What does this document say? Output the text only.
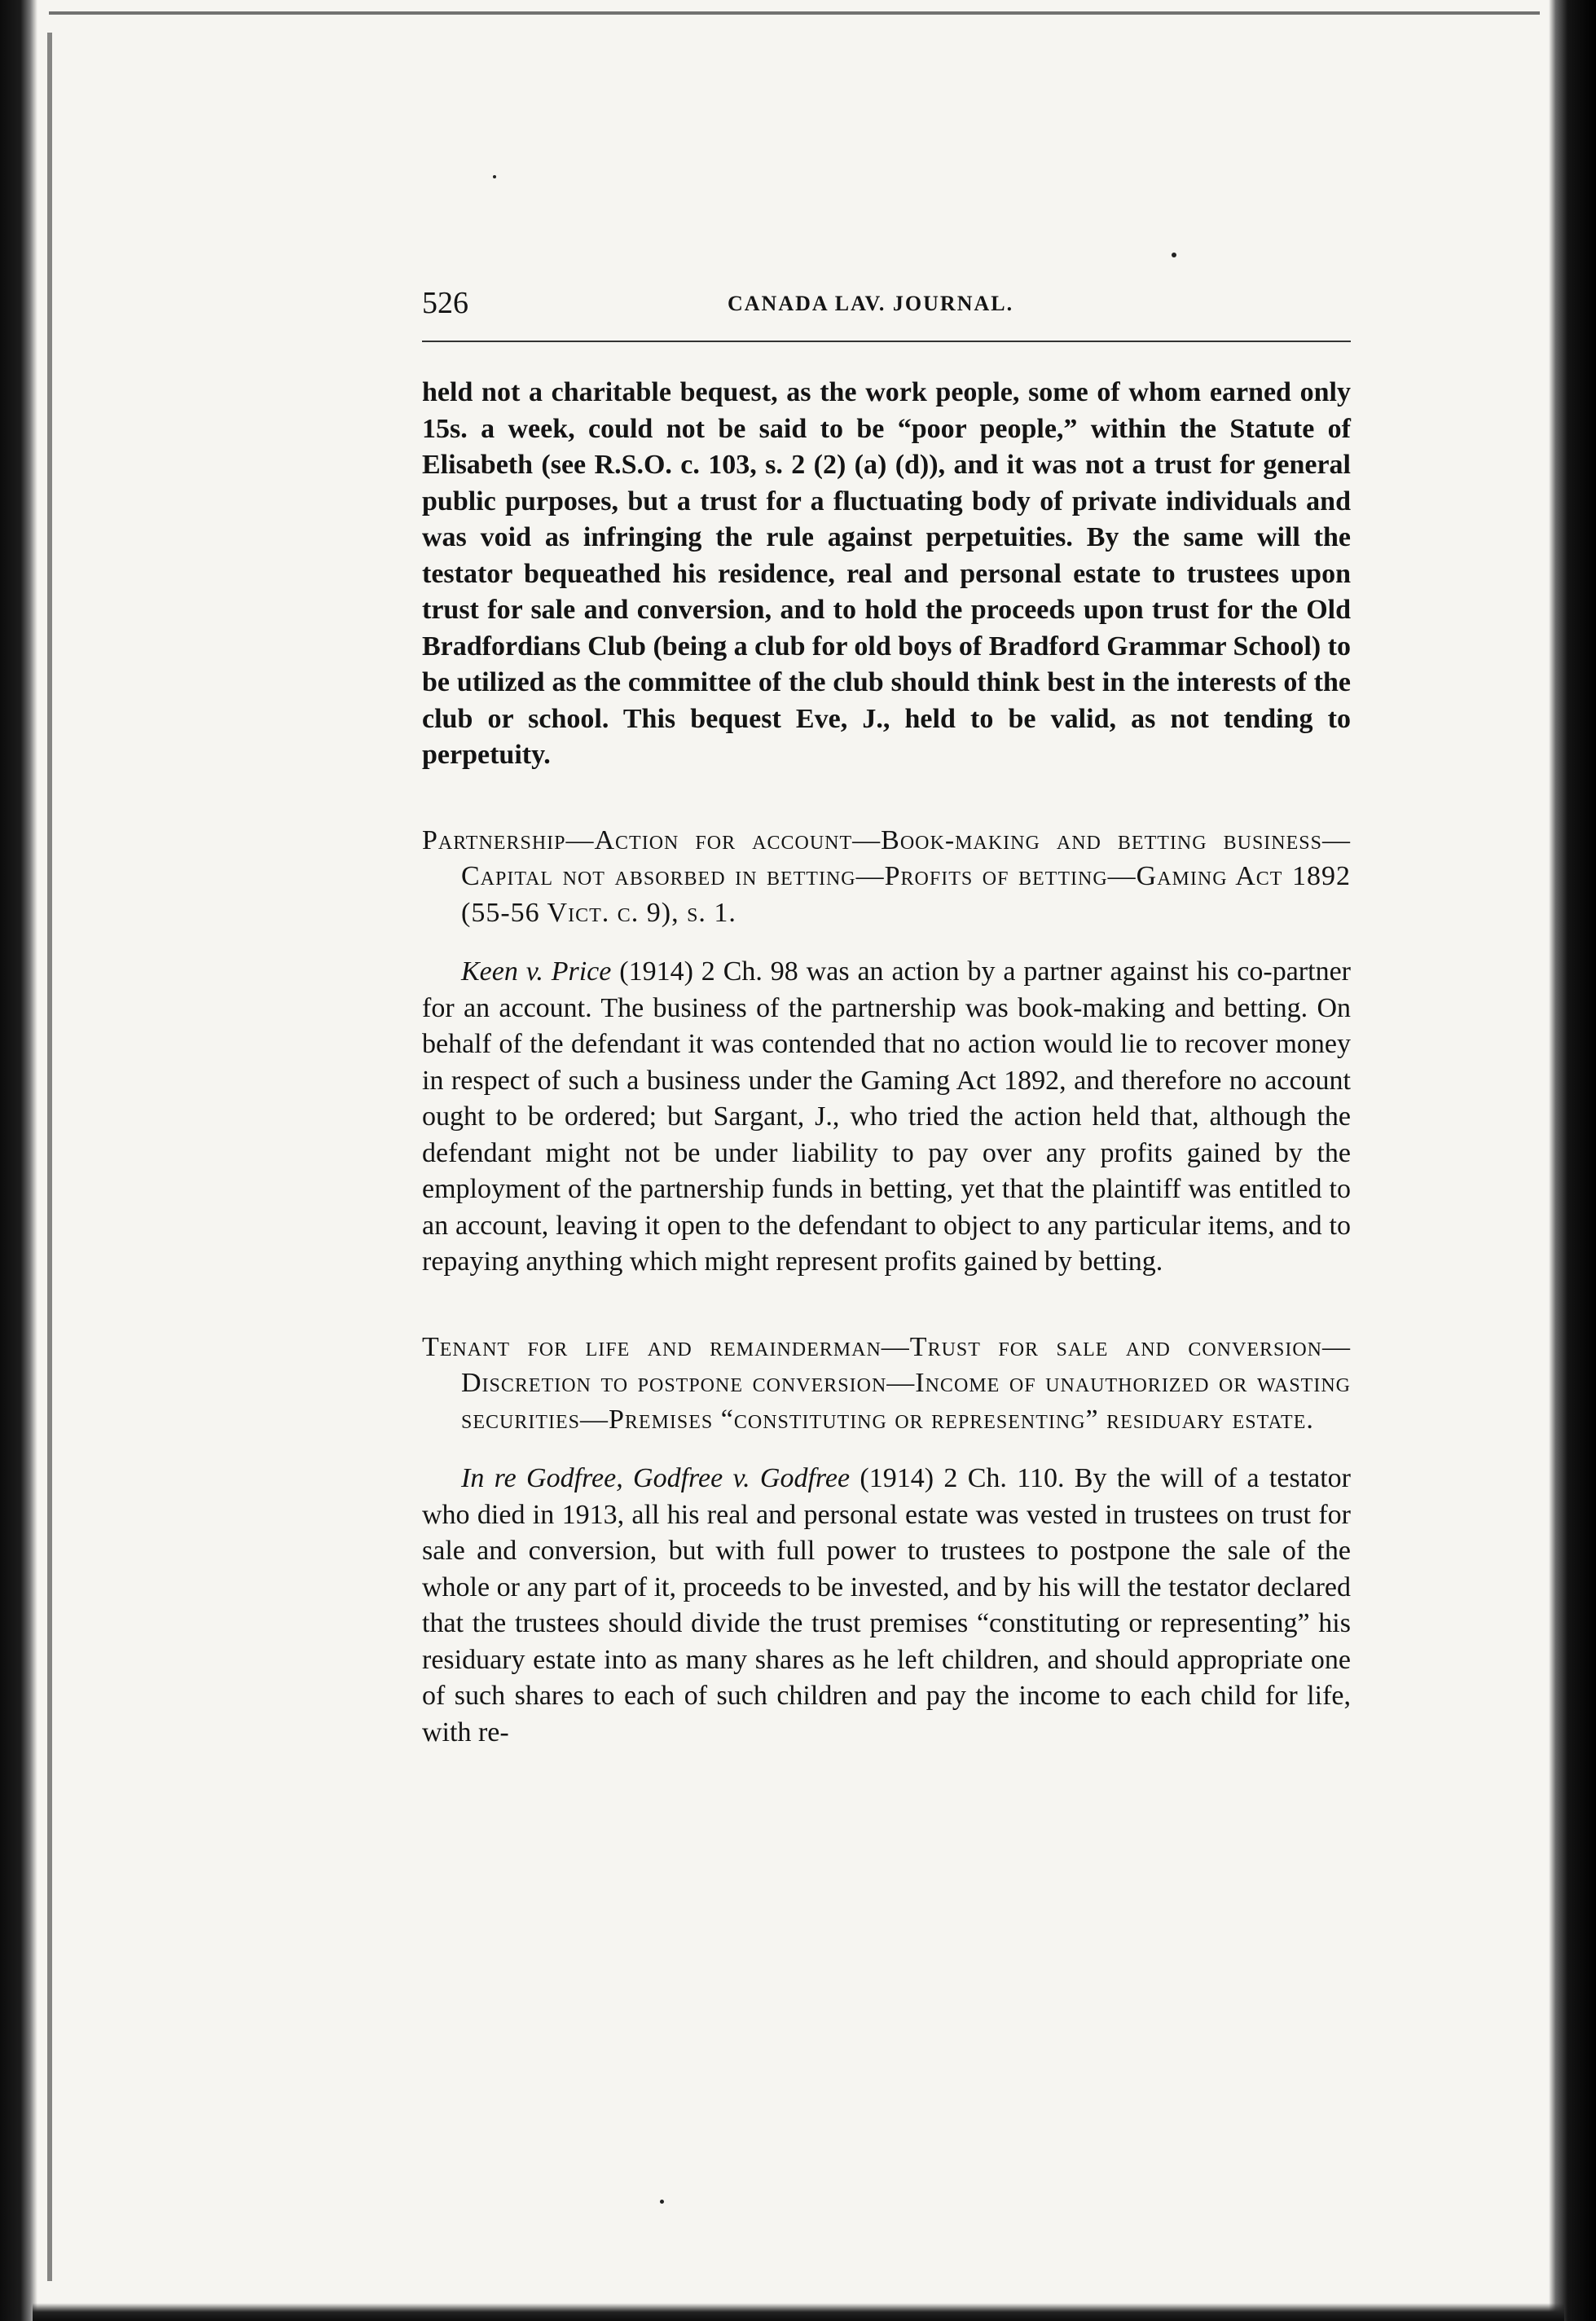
526	CANADA LAV. JOURNAL.

held not a charitable bequest, as the work people, some of whom earned only 15s. a week, could not be said to be “poor people,” within the Statute of Elisabeth (see R.S.O. c. 103, s. 2 (2) (a) (d)), and it was not a trust for general public purposes, but a trust for a fluctuating body of private individuals and was void as infringing the rule against perpetuities. By the same will the testator bequeathed his residence, real and personal estate to trustees upon trust for sale and conversion, and to hold the proceeds upon trust for the Old Bradfordians Club (being a club for old boys of Bradford Grammar School) to be utilized as the committee of the club should think best in the interests of the club or school. This bequest Eve, J., held to be valid, as not tending to perpetuity.

Partnership—Action for account—Book-making and betting business—Capital not absorbed in betting—Profits of betting—Gaming Act 1892 (55-56 Vict. c. 9), s. 1.

Keen v. Price (1914) 2 Ch. 98 was an action by a partner against his co-partner for an account. The business of the partnership was book-making and betting. On behalf of the defendant it was contended that no action would lie to recover money in respect of such a business under the Gaming Act 1892, and therefore no account ought to be ordered; but Sargant, J., who tried the action held that, although the defendant might not be under liability to pay over any profits gained by the employment of the partnership funds in betting, yet that the plaintiff was entitled to an account, leaving it open to the defendant to object to any particular items, and to repaying anything which might represent profits gained by betting.

Tenant for life and remainderman—Trust for sale and conversion—Discretion to postpone conversion—Income of unauthorized or wasting securities—Premises “constituting or representing” residuary estate.

In re Godfree, Godfree v. Godfree (1914) 2 Ch. 110. By the will of a testator who died in 1913, all his real and personal estate was vested in trustees on trust for sale and conversion, but with full power to trustees to postpone the sale of the whole or any part of it, proceeds to be invested, and by his will the testator declared that the trustees should divide the trust premises “constituting or representing” his residuary estate into as many shares as he left children, and should appropriate one of such shares to each of such children and pay the income to each child for life, with re-
